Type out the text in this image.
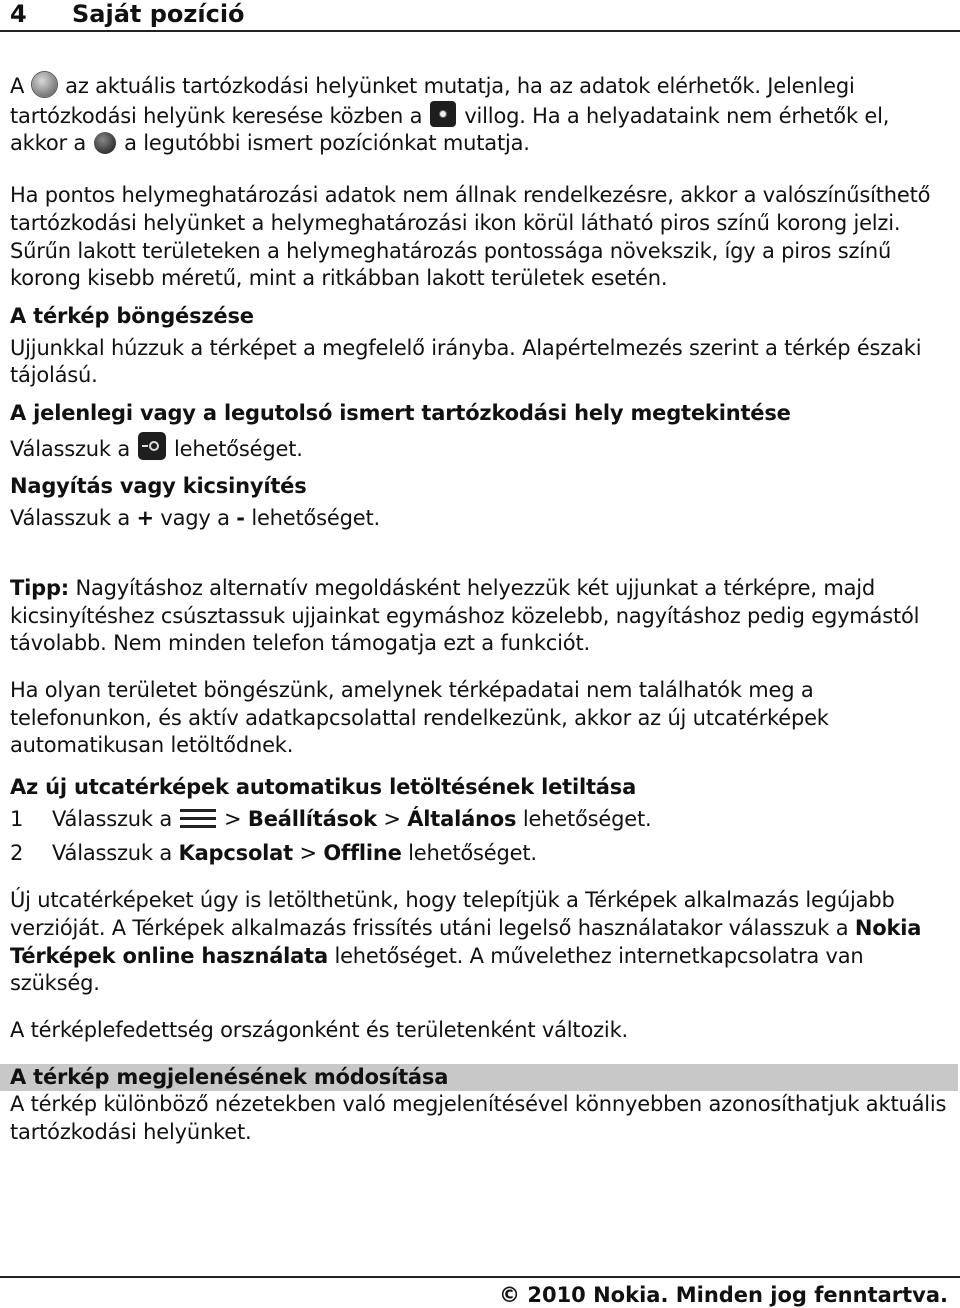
4 Saját pozíció

A az aktuális tartózkodási helyünket mutatja, ha az adatok elérhetők. Jelenlegi tartózkodási helyünk keresése közben a villog. Ha a helyadataink nem érhetők el, akkor a a legutóbbi ismert pozíciónkat mutatja.

Ha pontos helymeghatározási adatok nem állnak rendelkezésre, akkor a valószínűsíthető tartózkodási helyünket a helymeghatározási ikon körül látható piros színű korong jelzi. Sűrűn lakott területeken a helymeghatározás pontossága növekszik, így a piros színű korong kisebb méretű, mint a ritkábban lakott területek esetén.

A térkép böngészése

Ujjunkkal húzzuk a térképet a megfelelő irányba. Alapértelmezés szerint a térkép északi tájolású.

A jelenlegi vagy a legutolsó ismert tartózkodási hely megtekintése

Válasszuk a lehetőséget.

Nagyítás vagy kicsinyítés

Válasszuk a + vagy a - lehetőséget.

Tipp: Nagyításhoz alternatív megoldásként helyezzük két ujjunkat a térképre, majd kicsinyítéshez csúsztassuk ujjainkat egymáshoz közelebb, nagyításhoz pedig egymástól távolabb. Nem minden telefon támogatja ezt a funkciót.

Ha olyan területet böngészünk, amelynek térképadatai nem találhatók meg a telefonunkon, és aktív adatkapcsolattal rendelkezünk, akkor az új utcatérképek automatikusan letöltődnek.

Az új utcatérképek automatikus letöltésének letiltása

1	Válasszuk a > Beállítások > Általános lehetőséget.
2	Válasszuk a Kapcsolat > Offline lehetőséget.

Új utcatérképeket úgy is letölthetünk, hogy telepítjük a Térképek alkalmazás legújabb verzióját. A Térképek alkalmazás frissítés utáni legelső használatakor válasszuk a Nokia Térképek online használata lehetőséget. A művelethez internetkapcsolatra van szükség.

A térképlefedettség országonként és területenként változik.

A térkép megjelenésének módosítása

A térkép különböző nézetekben való megjelenítésével könnyebben azonosíthatjuk aktuális tartózkodási helyünket.

© 2010 Nokia. Minden jog fenntartva.
